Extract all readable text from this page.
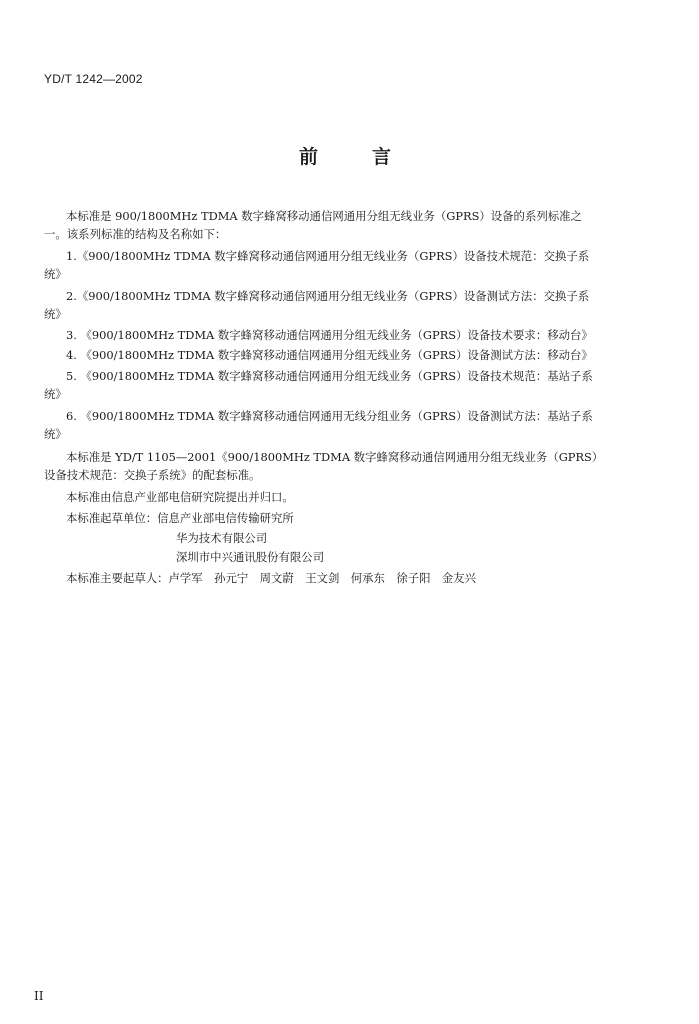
YD/T 1242—2002
前言
本标准是 900/1800MHz TDMA 数字蜂窝移动通信网通用分组无线业务（GPRS）设备的系列标准之
一。该系列标准的结构及名称如下：
1.《900/1800MHz TDMA 数字蜂窝移动通信网通用分组无线业务（GPRS）设备技术规范：交换子系
统》
2.《900/1800MHz TDMA 数字蜂窝移动通信网通用分组无线业务（GPRS）设备测试方法：交换子系
统》
3. 《900/1800MHz TDMA 数字蜂窝移动通信网通用分组无线业务（GPRS）设备技术要求：移动台》
4. 《900/1800MHz TDMA 数字蜂窝移动通信网通用分组无线业务（GPRS）设备测试方法：移动台》
5. 《900/1800MHz TDMA 数字蜂窝移动通信网通用分组无线业务（GPRS）设备技术规范：基站子系
统》
6. 《900/1800MHz TDMA 数字蜂窝移动通信网通用无线分组业务（GPRS）设备测试方法：基站子系
统》
本标准是 YD/T 1105—2001《900/1800MHz TDMA 数字蜂窝移动通信网通用分组无线业务（GPRS）
设备技术规范：交换子系统》的配套标准。
本标准由信息产业部电信研究院提出并归口。
本标准起草单位：信息产业部电信传输研究所
华为技术有限公司
深圳市中兴通讯股份有限公司
本标准主要起草人：卢学军　孙元宁　周文蔚　王文剑　何承东　徐子阳　金友兴
II
